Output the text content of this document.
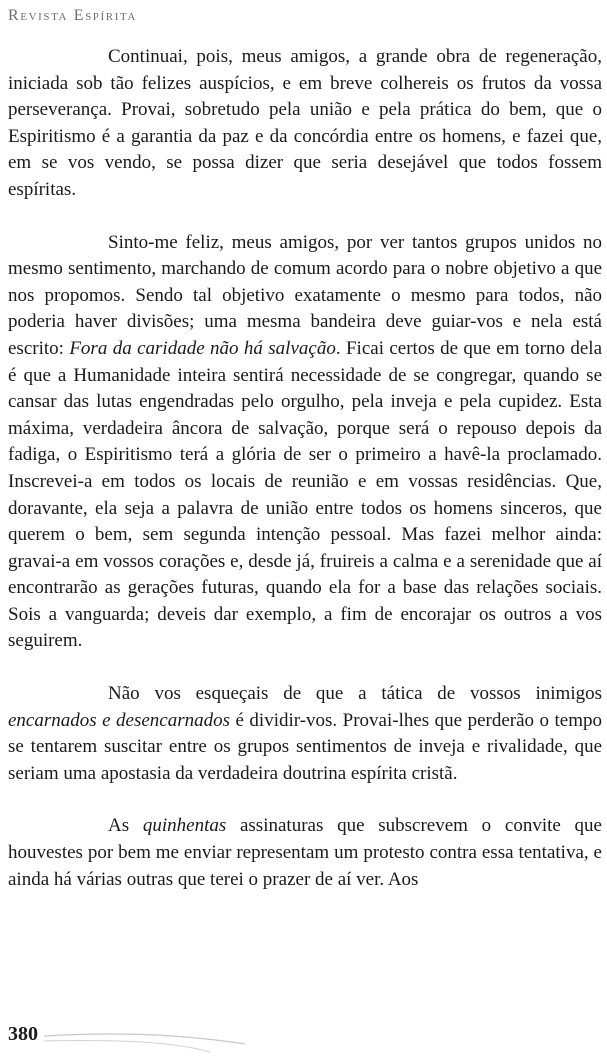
Revista Espírita

Continuai, pois, meus amigos, a grande obra de regeneração, iniciada sob tão felizes auspícios, e em breve colhereis os frutos da vossa perseverança. Provai, sobretudo pela união e pela prática do bem, que o Espiritismo é a garantia da paz e da concórdia entre os homens, e fazei que, em se vos vendo, se possa dizer que seria desejável que todos fossem espíritas.

Sinto-me feliz, meus amigos, por ver tantos grupos unidos no mesmo sentimento, marchando de comum acordo para o nobre objetivo a que nos propomos. Sendo tal objetivo exatamente o mesmo para todos, não poderia haver divisões; uma mesma bandeira deve guiar-vos e nela está escrito: Fora da caridade não há salvação. Ficai certos de que em torno dela é que a Humanidade inteira sentirá necessidade de se congregar, quando se cansar das lutas engendradas pelo orgulho, pela inveja e pela cupidez. Esta máxima, verdadeira âncora de salvação, porque será o repouso depois da fadiga, o Espiritismo terá a glória de ser o primeiro a havê-la proclamado. Inscrevei-a em todos os locais de reunião e em vossas residências. Que, doravante, ela seja a palavra de união entre todos os homens sinceros, que querem o bem, sem segunda intenção pessoal. Mas fazei melhor ainda: gravai-a em vossos corações e, desde já, fruireis a calma e a serenidade que aí encontrarão as gerações futuras, quando ela for a base das relações sociais. Sois a vanguarda; deveis dar exemplo, a fim de encorajar os outros a vos seguirem.

Não vos esqueçais de que a tática de vossos inimigos encarnados e desencarnados é dividir-vos. Provai-lhes que perderão o tempo se tentarem suscitar entre os grupos sentimentos de inveja e rivalidade, que seriam uma apostasia da verdadeira doutrina espírita cristã.

As quinhentas assinaturas que subscrevem o convite que houvestes por bem me enviar representam um protesto contra essa tentativa, e ainda há várias outras que terei o prazer de aí ver. Aos

380
